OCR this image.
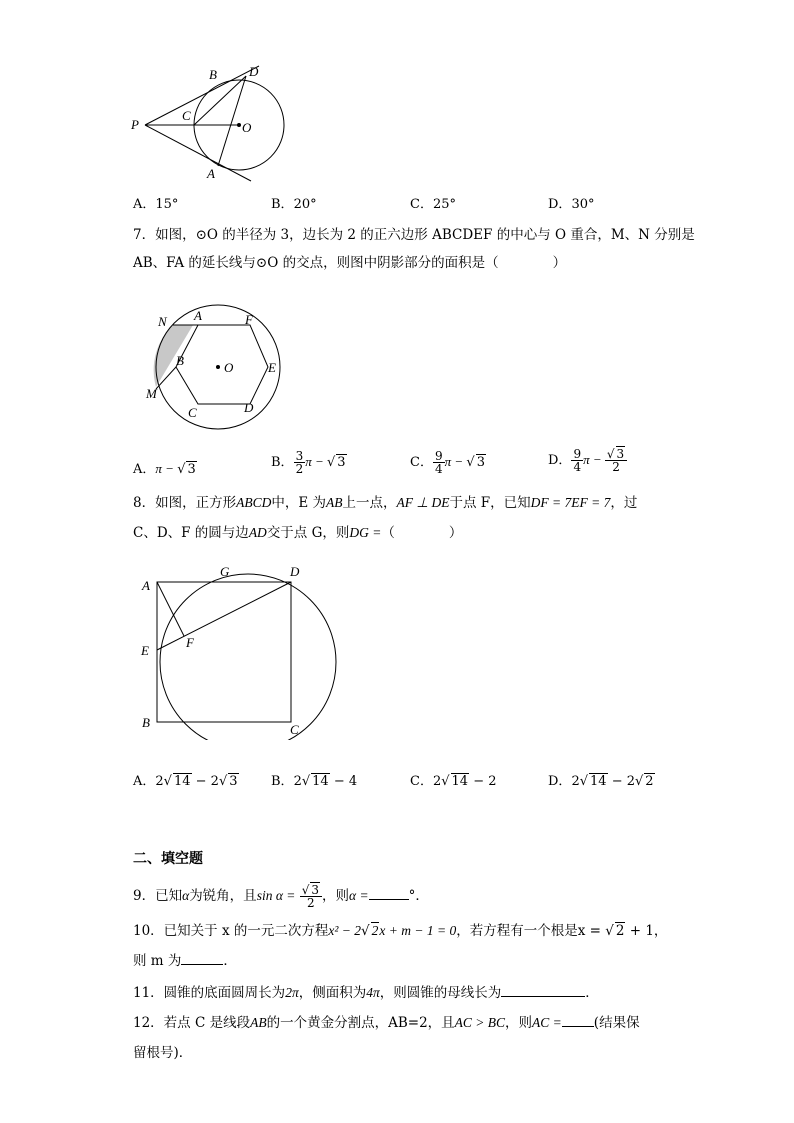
P
B D
C
O
A
A．15°	B．20°	C．25°	D．30°
7．如图，⊙O 的半径为 3，边长为 2 的正六边形 ABCDEF 的中心与 O 重合，M、N 分别是
AB、FA 的延长线与⊙O 的交点，则图中阴影部分的面积是（　　　　）
N A	F
B	O	E
M
C	D
A．π − √ 3	B． $\frac{3}{2}$ π − √ 3	C． $\frac{9}{4}$ π − √ 3	D． $\frac{9}{4}$ $\pi - \frac{√ 3}{2}$
8．如图，正方形ABCD中，E 为AB上一点，AF ⊥ DE于点 F，已知DF = 7EF = 7，过
C、D、F 的圆与边AD交于点 G，则DG =（　　　　）
A
G	D
E
F
B	C
A．2√ 14 − 2√ 3	B．2√ 14 − 4	C．2√ 14 − 2	D．2√ 14 − 2√ 2
二、填空题
9．已知α为锐角，且$\sin \alpha = \frac{√ 3}{2}$ ，则α =	°．
10．已知关于 x 的一元二次方程x² − 2√ 2x + m − 1 = 0，若方程有一个根是x = √ 2 + 1，
则 m 为	．
11．圆锥的底面圆周长为2π，侧面积为4π，则圆锥的母线长为	．
12．若点 C 是线段AB的一个黄金分割点，AB=2，且AC > BC，则AC = (结果保
留根号)．
